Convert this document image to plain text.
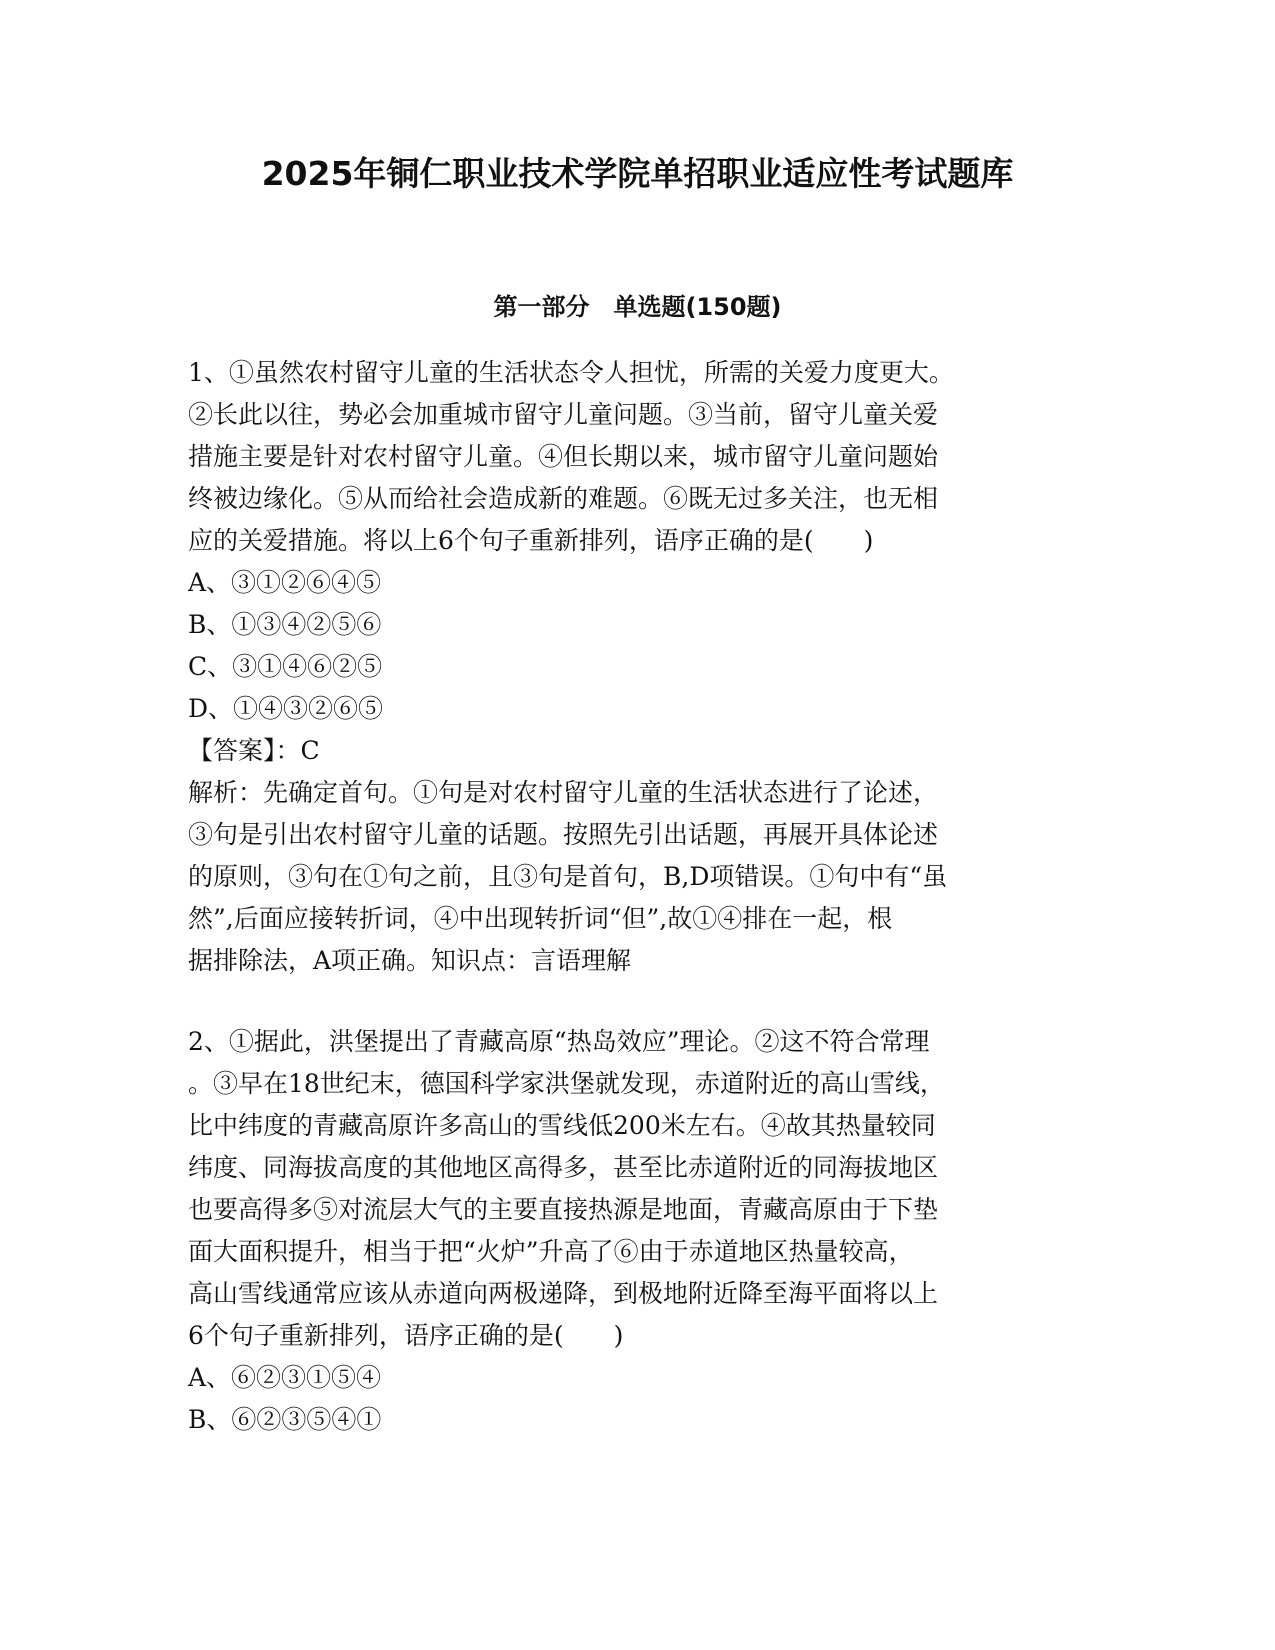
2025年铜仁职业技术学院单招职业适应性考试题库
第一部分　单选题(150题)
1、①虽然农村留守儿童的生活状态令人担忧，所需的关爱力度更大。
②长此以往，势必会加重城市留守儿童问题。③当前，留守儿童关爱
措施主要是针对农村留守儿童。④但长期以来，城市留守儿童问题始
终被边缘化。⑤从而给社会造成新的难题。⑥既无过多关注，也无相
应的关爱措施。将以上6个句子重新排列，语序正确的是(　　)
A、③①②⑥④⑤
B、①③④②⑤⑥
C、③①④⑥②⑤
D、①④③②⑥⑤
【答案】：C
解析：先确定首句。①句是对农村留守儿童的生活状态进行了论述，
③句是引出农村留守儿童的话题。按照先引出话题，再展开具体论述
的原则，③句在①句之前，且③句是首句，B,D项错误。①句中有“虽
然”,后面应接转折词，④中出现转折词“但”,故①④排在一起，根
据排除法，A项正确。知识点：言语理解
2、①据此，洪堡提出了青藏高原“热岛效应”理论。②这不符合常理
。③早在18世纪末，德国科学家洪堡就发现，赤道附近的高山雪线，
比中纬度的青藏高原许多高山的雪线低200米左右。④故其热量较同
纬度、同海拔高度的其他地区高得多，甚至比赤道附近的同海拔地区
也要高得多⑤对流层大气的主要直接热源是地面，青藏高原由于下垫
面大面积提升，相当于把“火炉”升高了⑥由于赤道地区热量较高，
高山雪线通常应该从赤道向两极递降，到极地附近降至海平面将以上
6个句子重新排列，语序正确的是(　　)
A、⑥②③①⑤④
B、⑥②③⑤④①
